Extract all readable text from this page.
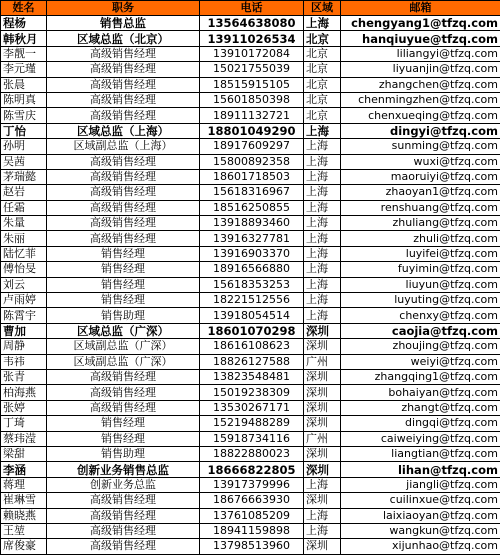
姓名	职务	电话	区域	邮箱
程杨	销售总监	13564638080	上海	chengyang1@tfzq.com
韩秋月	区域总监（北京）	13911026534	北京	hanqiuyue@tfzq.com
李靓一	高级销售经理	13910172084	北京	liliangyi@tfzq.com
李元瑾	高级销售经理	15021755039	北京	liyuanjin@tfzq.com
张晨	高级销售经理	18515915105	北京	zhangchen@tfzq.com
陈明真	高级销售经理	15601850398	北京	chenmingzhen@tfzq.com
陈雪庆	高级销售经理	18911132721	北京	chenxueqing@tfzq.com
丁怡	区域总监（上海）	18801049290	上海	dingyi@tfzq.com
孙明	区域副总监（上海）	18917609297	上海	sunming@tfzq.com
吴茜	高级销售经理	15800892358	上海	wuxi@tfzq.com
茅瑞懿	高级销售经理	18601718503	上海	maoruiyi@tfzq.com
赵岩	高级销售经理	15618316967	上海	zhaoyan1@tfzq.com
任霜	高级销售经理	18516250855	上海	renshuang@tfzq.com
朱量	高级销售经理	13918893460	上海	zhuliang@tfzq.com
朱丽	高级销售经理	13916327781	上海	zhuli@tfzq.com
陆忆菲	销售经理	13916903370	上海	luyifei@tfzq.com
傅怡旻	销售经理	18916566880	上海	fuyimin@tfzq.com
刘云	销售经理	15618353253	上海	liuyun@tfzq.com
卢雨婷	销售经理	18221512556	上海	luyuting@tfzq.com
陈霄宇	销售助理	13918054514	上海	chenxy@tfzq.com
曹加	区域总监（广深）	18601070298	深圳	caojia@tfzq.com
周静	区域副总监（广深）	18616108623	深圳	zhoujing@tfzq.com
韦祎	区域副总监（广深）	18826127588	广州	weiyi@tfzq.com
张青	高级销售经理	13823548481	深圳	zhangqing1@tfzq.com
柏海燕	高级销售经理	15019238309	深圳	bohaiyan@tfzq.com
张婷	高级销售经理	13530267171	深圳	zhangt@tfzq.com
丁琦	销售经理	15219488289	深圳	dingqi@tfzq.com
蔡玮滢	销售经理	15918734116	广州	caiweiying@tfzq.com
梁甜	销售助理	18822880023	深圳	liangtian@tfzq.com
李涵	创新业务销售总监	18666822805	深圳	lihan@tfzq.com
蒋理	创新业务总监	13917379996	上海	jiangli@tfzq.com
崔琳雪	高级销售经理	18676663930	深圳	cuilinxue@tfzq.com
赖晓燕	高级销售经理	13761085209	上海	laixiaoyan@tfzq.com
王堃	高级销售经理	18941159898	上海	wangkun@tfzq.com
席俊豪	高级销售经理	13798513960	深圳	xijunhao@tfzq.com
